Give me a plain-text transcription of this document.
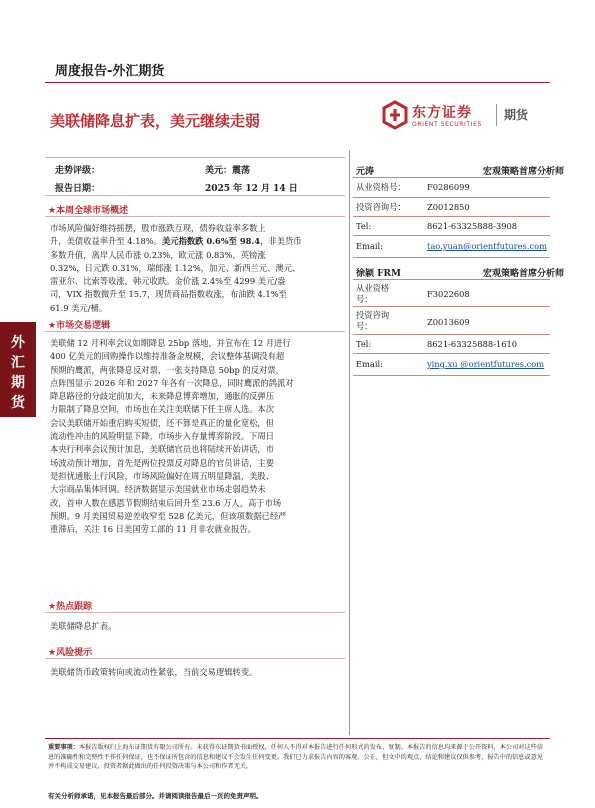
周度报告-外汇期货
美联储降息扩表，美元继续走弱	东方证券
ORIENT SECURITIES
期货
走势评级：	美元：震荡
报告日期：	2025 年 12 月 14 日
★本周全球市场概述
市场风险偏好维持摇摆，股市涨跌互现，债券收益率多数上
升，美债收益率升至 4.18%。美元指数跌 0.6%至 98.4，非美货币
多数升值，离岸人民币涨 0.23%，欧元涨 0.83%，英镑涨
0.32%，日元跌 0.31%，瑞郎涨 1.12%，加元、新西兰元、澳元、
雷亚尔、比索等收涨，韩元收跌。金价涨 2.4%至 4299 美元/盎
司，VIX 指数微升至 15.7，现货商品指数收涨，布油跌 4.1%至
61.9 美元/桶。
★市场交易逻辑
美联储 12 月利率会议如期降息 25bp 落地，并宣布在 12 月进行
400 亿美元的回购操作以维持准备金规模，会议整体基调没有超
预期的鹰派，两张降息反对票，一张支持降息 50bp 的反对票，
点阵图显示 2026 年和 2027 年各有一次降息，同时鹰派的鸽派对
降息路径的分歧定前加大，未来降息博弈增加，通胀的反弹压
力限制了降息空间，市场也在关注美联储下任主席人选。本次
会议美联储开始重启购买短债，还不算是真正的量化宽松，但
流动性冲击的风险明显下降，市场步入存量博弈阶段。下周日
本央行利率会议预计加息，美联储官员也将陆续开始讲话，市
场波动预计增加，首先是两位投票反对降息的官员讲话，主要
是担忧通胀上行风险，市场风险偏好在周五明显降温，美股、
大宗商品集体回调。经济数据显示美国就业市场走弱趋势未
改，首申人数在感恩节假期结束后回升至 23.6 万人，高于市场
预期。9 月美国贸易逆差收窄至 528 亿美元，但该项数据已经严
重滞后，关注 16 日美国劳工部的 11 月非农就业报告。
★热点跟踪
美联储降息扩表。
★风险提示
美联储货币政策转向或流动性紧张，当前交易逻辑转变。
外
汇
期
货
元涛	宏观策略首席分析师
从业资格号：	F0286099
投资咨询号：	Z0012850
Tel:	8621-63325888-3908
Email:	tao.yuan@orientfutures.com
徐颖 FRM	宏观策略首席分析师
从业资格
号：	F3022608
投资咨询
号：	Z0013609
Tel:	8621-63325888-1610
Email:	ying.xu @orientfutures.com
重要事项：本报告版权归上海东证期货有限公司所有。未获得东证期货书面授权，任何人不得对本报告进行任何形式的发布、复制。本报告的信息均来源于公开资料，本公司对这些信息的准确性和完整性不作任何保证，也不保证所包含的信息和建议不会发生任何变更。我们已力求报告内容的客观、公正，但文中的观点、结论和建议仅供参考，报告中的信息或意见并不构成交易建议，投资者据此做出的任何投资决策与本公司和作者无关。
有关分析师承诺，见本报告最后部分。并请阅读报告最后一页的免责声明。
